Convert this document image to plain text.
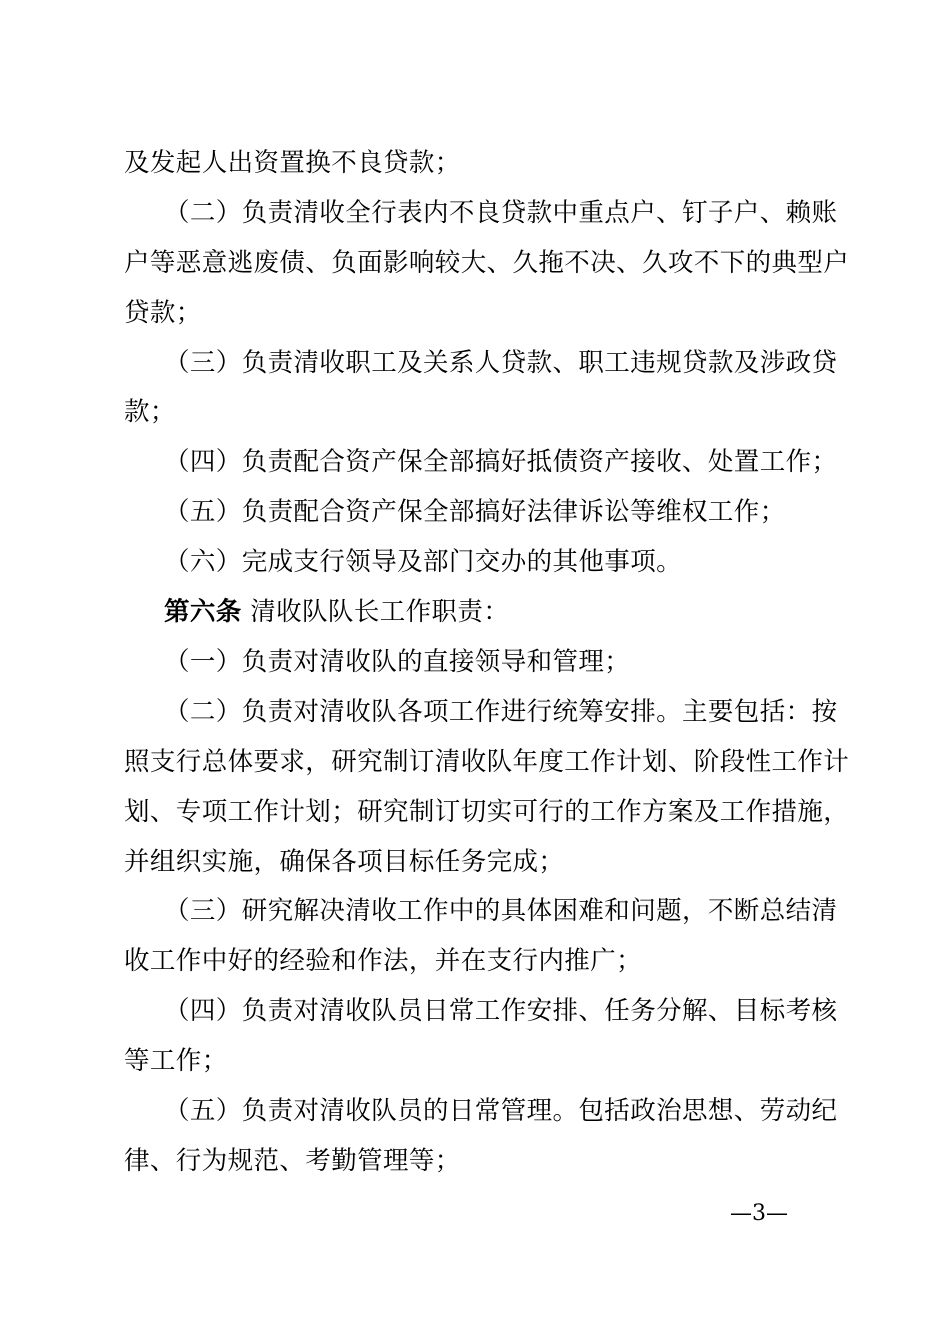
及发起人出资置换不良贷款；
（二）负责清收全行表内不良贷款中重点户、钉子户、赖账
户等恶意逃废债、负面影响较大、久拖不决、久攻不下的典型户
贷款；
（三）负责清收职工及关系人贷款、职工违规贷款及涉政贷
款；
（四）负责配合资产保全部搞好抵债资产接收、处置工作；
（五）负责配合资产保全部搞好法律诉讼等维权工作；
（六）完成支行领导及部门交办的其他事项。
第六条 清收队队长工作职责：
（一）负责对清收队的直接领导和管理；
（二）负责对清收队各项工作进行统筹安排。主要包括：按
照支行总体要求，研究制订清收队年度工作计划、阶段性工作计
划、专项工作计划；研究制订切实可行的工作方案及工作措施，
并组织实施，确保各项目标任务完成；
（三）研究解决清收工作中的具体困难和问题，不断总结清
收工作中好的经验和作法，并在支行内推广；
（四）负责对清收队员日常工作安排、任务分解、目标考核
等工作；
（五）负责对清收队员的日常管理。包括政治思想、劳动纪
律、行为规范、考勤管理等；
—3—
